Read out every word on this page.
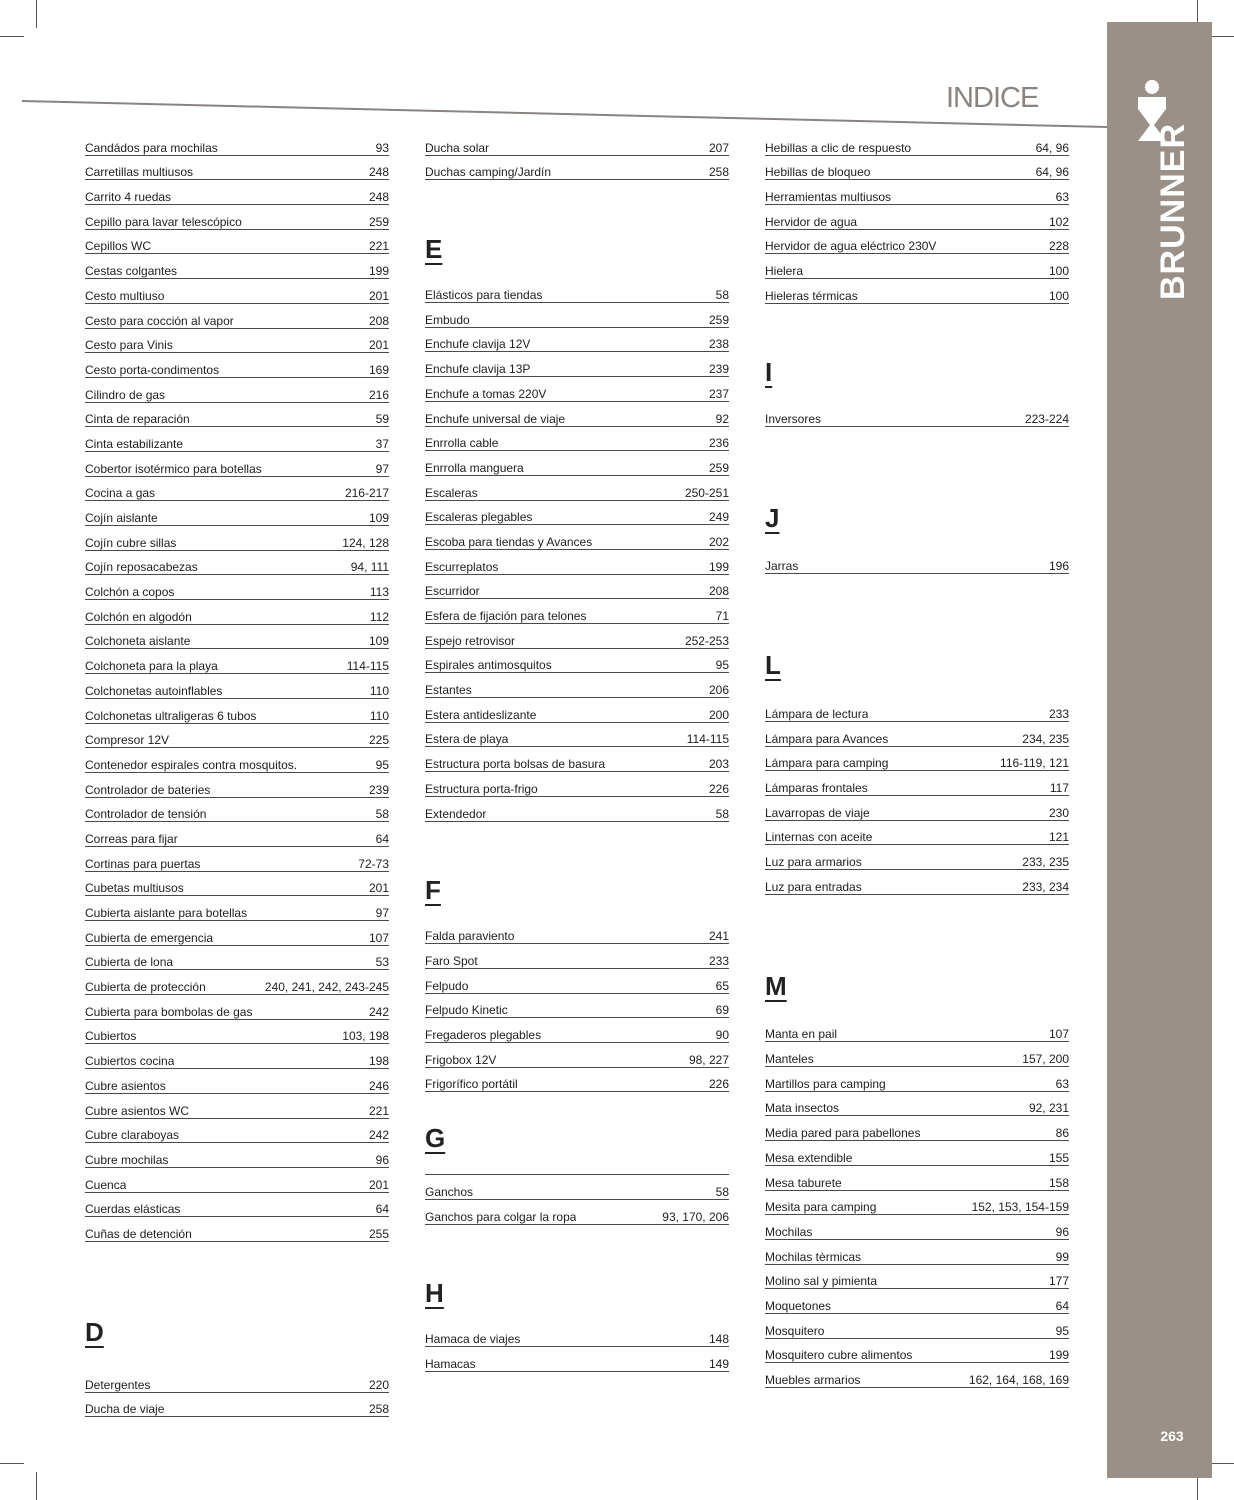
INDICE
BRUNNER
263
Candádos para mochilas	93
Carretillas multiusos	248
Carrito 4 ruedas	248
Cepillo para lavar telescópico	259
Cepillos WC	221
Cestas colgantes	199
Cesto multiuso	201
Cesto para cocción al vapor	208
Cesto para Vinis	201
Cesto porta-condimentos	169
Cilindro de gas	216
Cinta de reparación	59
Cinta estabilizante	37
Cobertor isotérmico para botellas	97
Cocina a gas	216-217
Cojín aislante	109
Cojín cubre sillas	124, 128
Cojín reposacabezas	94, 111
Colchón a copos	113
Colchón en algodón	112
Colchoneta aislante	109
Colchoneta para la playa	114-115
Colchonetas autoinflables	110
Colchonetas ultraligeras 6 tubos	110
Compresor 12V	225
Contenedor espirales contra mosquitos.	95
Controlador de bateries	239
Controlador de tensión	58
Correas para fijar	64
Cortinas para puertas	72-73
Cubetas multiusos	201
Cubierta aislante para botellas	97
Cubierta de emergencia	107
Cubierta de lona	53
Cubierta de protección	240, 241, 242, 243-245
Cubierta para bombolas de gas	242
Cubiertos	103, 198
Cubiertos cocina	198
Cubre asientos	246
Cubre asientos WC	221
Cubre claraboyas	242
Cubre mochilas	96
Cuenca	201
Cuerdas elásticas	64
Cuñas de detención	255
D
Detergentes	220
Ducha de viaje	258
Ducha solar	207
Duchas camping/Jardín	258
E
Elásticos para tiendas	58
Embudo	259
Enchufe clavija 12V	238
Enchufe clavija 13P	239
Enchufe a tomas 220V	237
Enchufe universal de viaje	92
Enrrolla cable	236
Enrrolla manguera	259
Escaleras	250-251
Escaleras plegables	249
Escoba para tiendas y Avances	202
Escurreplatos	199
Escurridor	208
Esfera de fijación para telones	71
Espejo retrovisor	252-253
Espirales antimosquitos	95
Estantes	206
Estera antideslizante	200
Estera de playa	114-115
Estructura porta bolsas de basura	203
Estructura porta-frigo	226
Extendedor	58
F
Falda paraviento	241
Faro Spot	233
Felpudo	65
Felpudo Kinetic	69
Fregaderos plegables	90
Frigobox 12V	98, 227
Frigorífico portátil	226
G
Ganchos	58
Ganchos para colgar la ropa	93, 170, 206
H
Hamaca de viajes	148
Hamacas	149
Hebillas a clic de respuesto	64, 96
Hebillas de bloqueo	64, 96
Herramientas multiusos	63
Hervidor de agua	102
Hervidor de agua eléctrico 230V	228
Hielera	100
Hieleras térmicas	100
I
Inversores	223-224
J
Jarras	196
L
Lámpara de lectura	233
Lámpara para Avances	234, 235
Lámpara para camping	116-119, 121
Lámparas frontales	117
Lavarropas de viaje	230
Linternas con aceite	121
Luz para armarios	233, 235
Luz para entradas	233, 234
M
Manta en pail	107
Manteles	157, 200
Martillos para camping	63
Mata insectos	92, 231
Media pared para pabellones	86
Mesa extendible	155
Mesa taburete	158
Mesita para camping	152, 153, 154-159
Mochilas	96
Mochilas tèrmicas	99
Molino sal y pimienta	177
Moquetones	64
Mosquitero	95
Mosquitero cubre alimentos	199
Muebles armarios	162, 164, 168, 169
